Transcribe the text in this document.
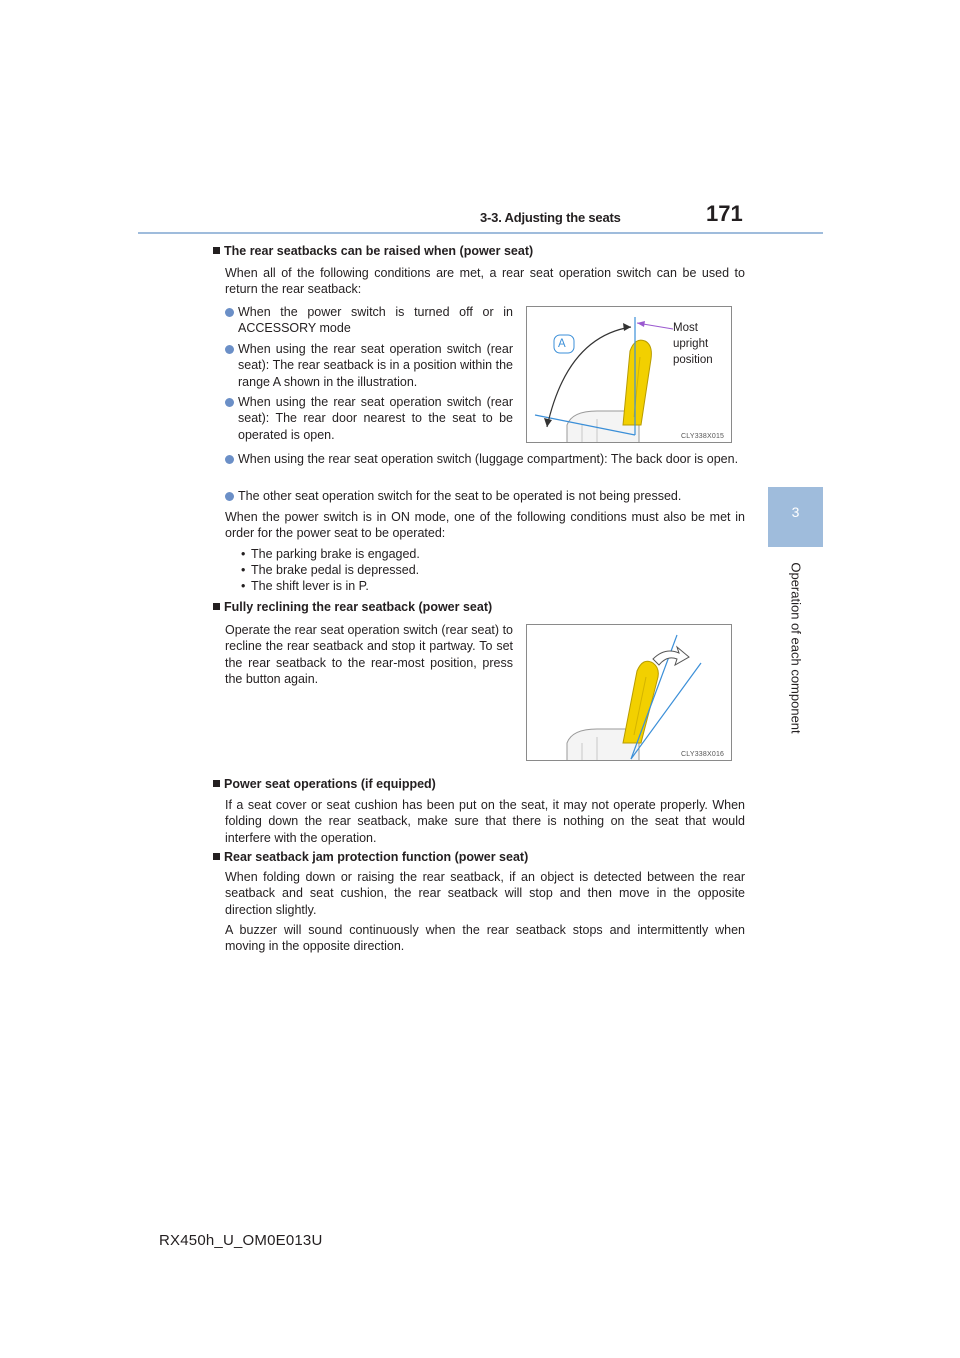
3-3. Adjusting the seats	171
3
Operation of each component
The rear seatbacks can be raised when (power seat)
When all of the following conditions are met, a rear seat operation switch can be used to return the rear seatback:
When the power switch is turned off or in ACCESSORY mode
When using the rear seat operation switch (rear seat): The rear seatback is in a position within the range A shown in the illustration.
When using the rear seat operation switch (rear seat): The rear door nearest to the seat to be operated is open.
A
Most
upright
position
CLY338X015
When using the rear seat operation switch (luggage compartment): The back door is open.
The other seat operation switch for the seat to be operated is not being pressed.
When the power switch is in ON mode, one of the following conditions must also be met in order for the power seat to be operated:
• The parking brake is engaged.
• The brake pedal is depressed.
• The shift lever is in P.
Fully reclining the rear seatback (power seat)
Operate the rear seat operation switch (rear seat) to recline the rear seatback and stop it partway. To set the rear seatback to the rear-most position, press the button again.
CLY338X016
Power seat operations (if equipped)
If a seat cover or seat cushion has been put on the seat, it may not operate properly. When folding down the rear seatback, make sure that there is nothing on the seat that would interfere with the operation.
Rear seatback jam protection function (power seat)
When folding down or raising the rear seatback, if an object is detected between the rear seatback and seat cushion, the rear seatback will stop and then move in the opposite direction slightly.
A buzzer will sound continuously when the rear seatback stops and intermittently when moving in the opposite direction.
RX450h_U_OM0E013U
